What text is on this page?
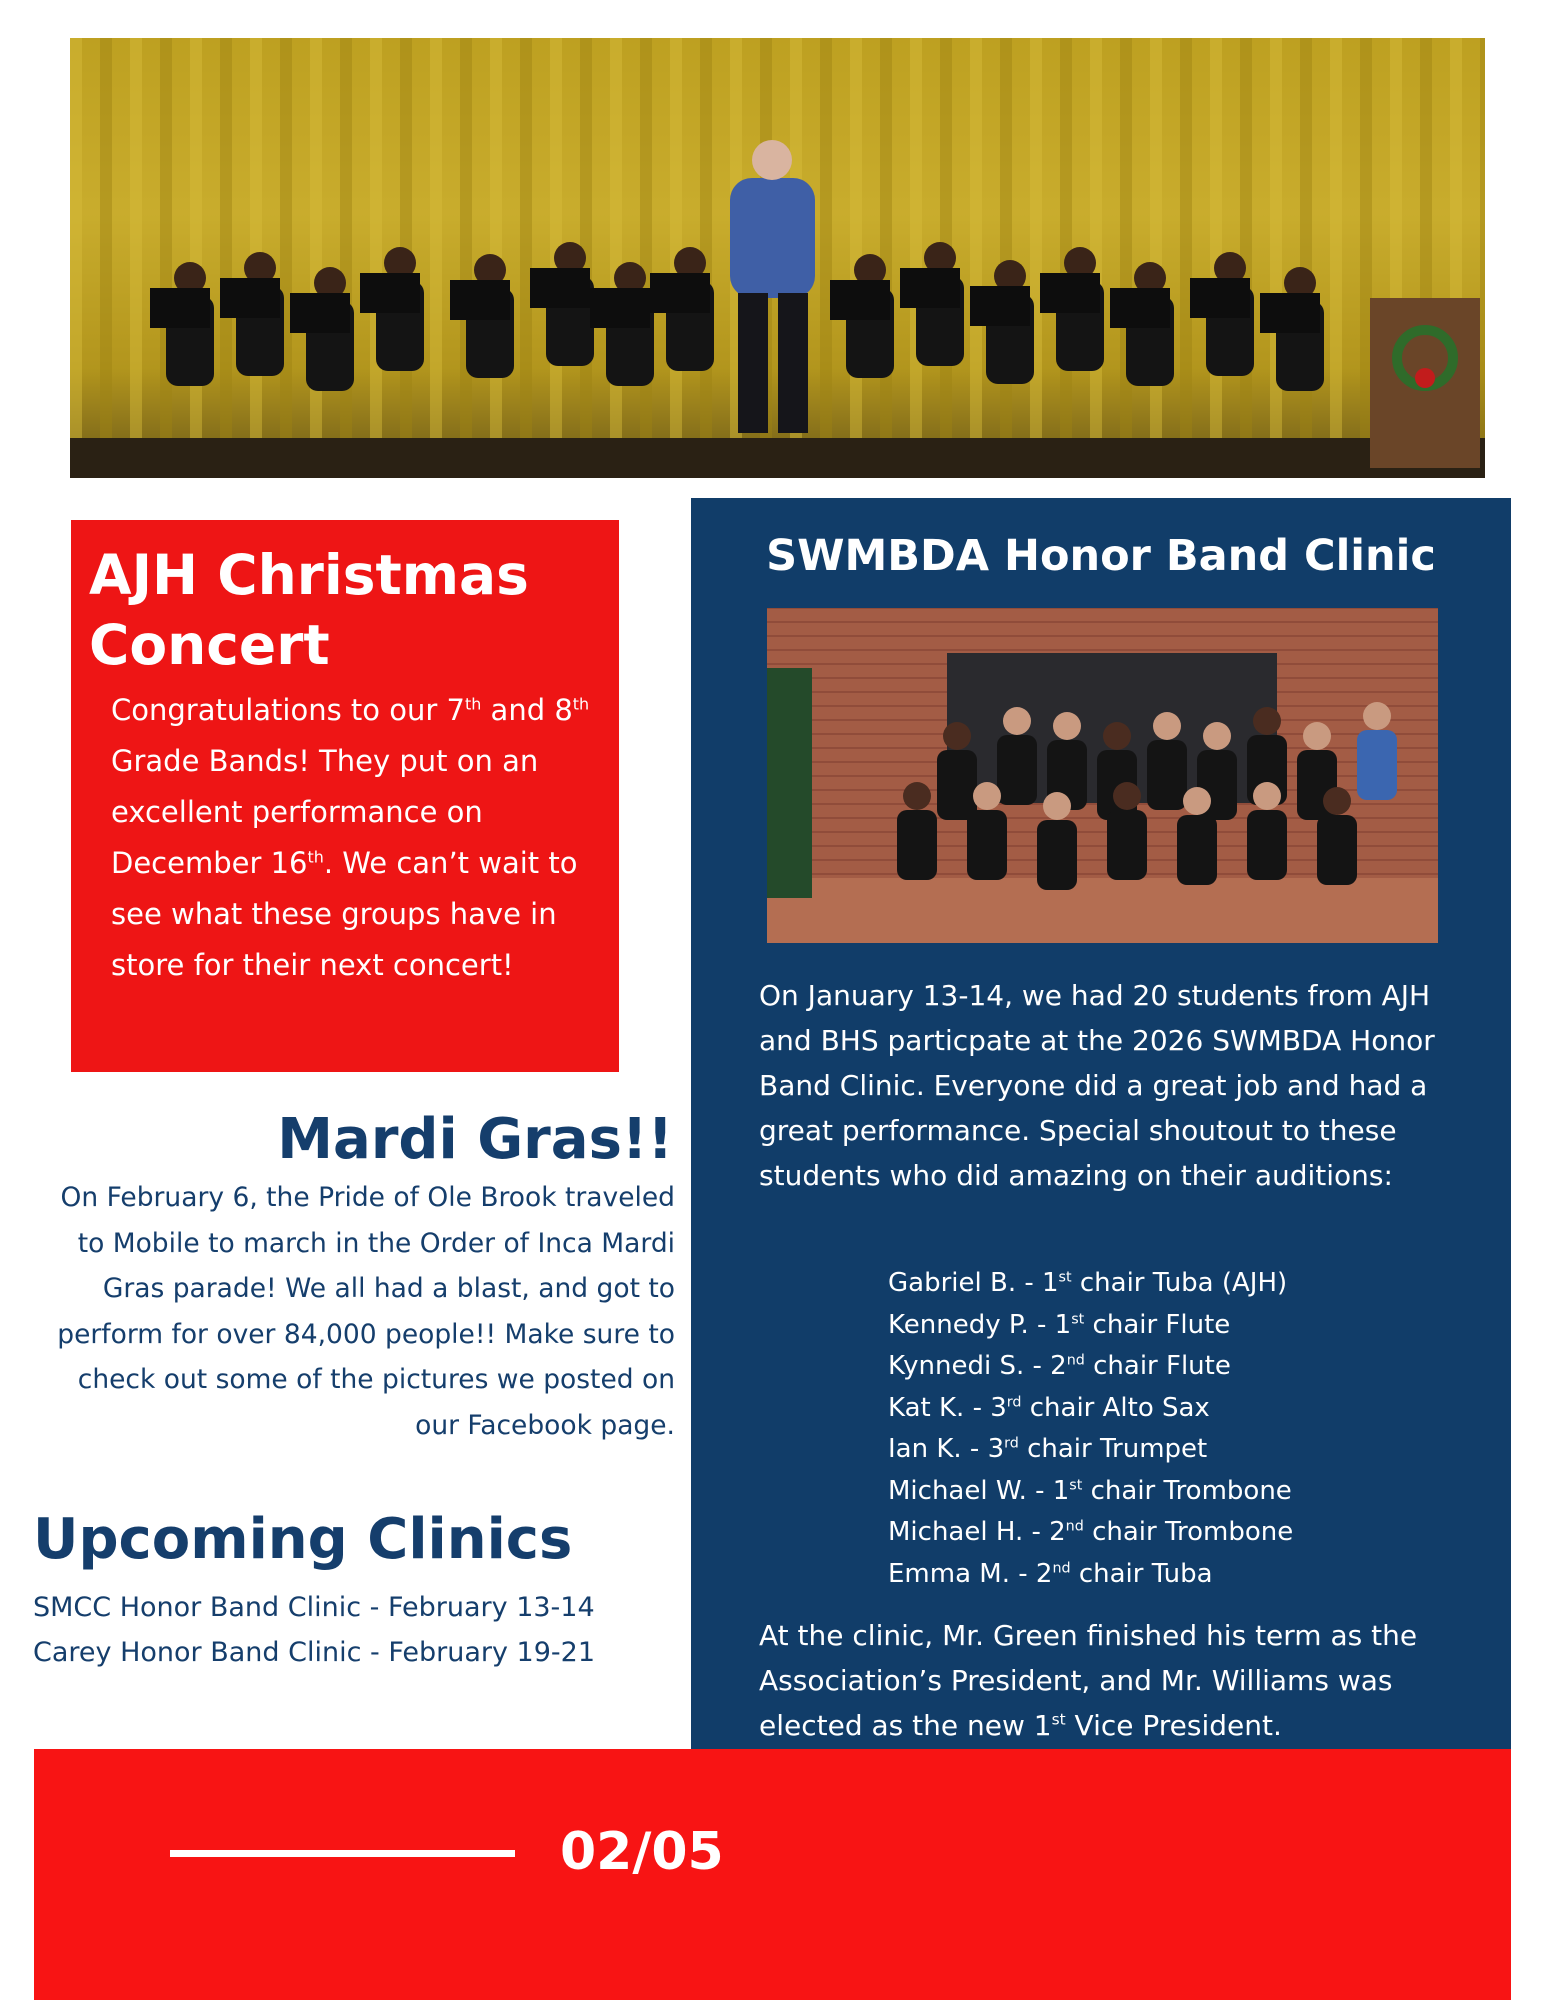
AJH Christmas Concert
Congratulations to our 7th and 8th Grade Bands! They put on an excellent performance on December 16th. We can’t wait to see what these groups have in store for their next concert!
Mardi Gras!!
On February 6, the Pride of Ole Brook traveled to Mobile to march in the Order of Inca Mardi Gras parade! We all had a blast, and got to perform for over 84,000 people!! Make sure to check out some of the pictures we posted on our Facebook page.
Upcoming Clinics
SMCC Honor Band Clinic - February 13-14
Carey Honor Band Clinic - February 19-21
SWMBDA Honor Band Clinic
On January 13-14, we had 20 students from AJH and BHS particpate at the 2026 SWMBDA Honor Band Clinic. Everyone did a great job and had a great performance. Special shoutout to these students who did amazing on their auditions:
Gabriel B. - 1st chair Tuba (AJH)
Kennedy P. - 1st chair Flute
Kynnedi S. - 2nd chair Flute
Kat K. - 3rd chair Alto Sax
Ian K. - 3rd chair Trumpet
Michael W. - 1st chair Trombone
Michael H. - 2nd chair Trombone
Emma M. - 2nd chair Tuba
At the clinic, Mr. Green finished his term as the Association’s President, and Mr. Williams was elected as the new 1st Vice President.
02/05
